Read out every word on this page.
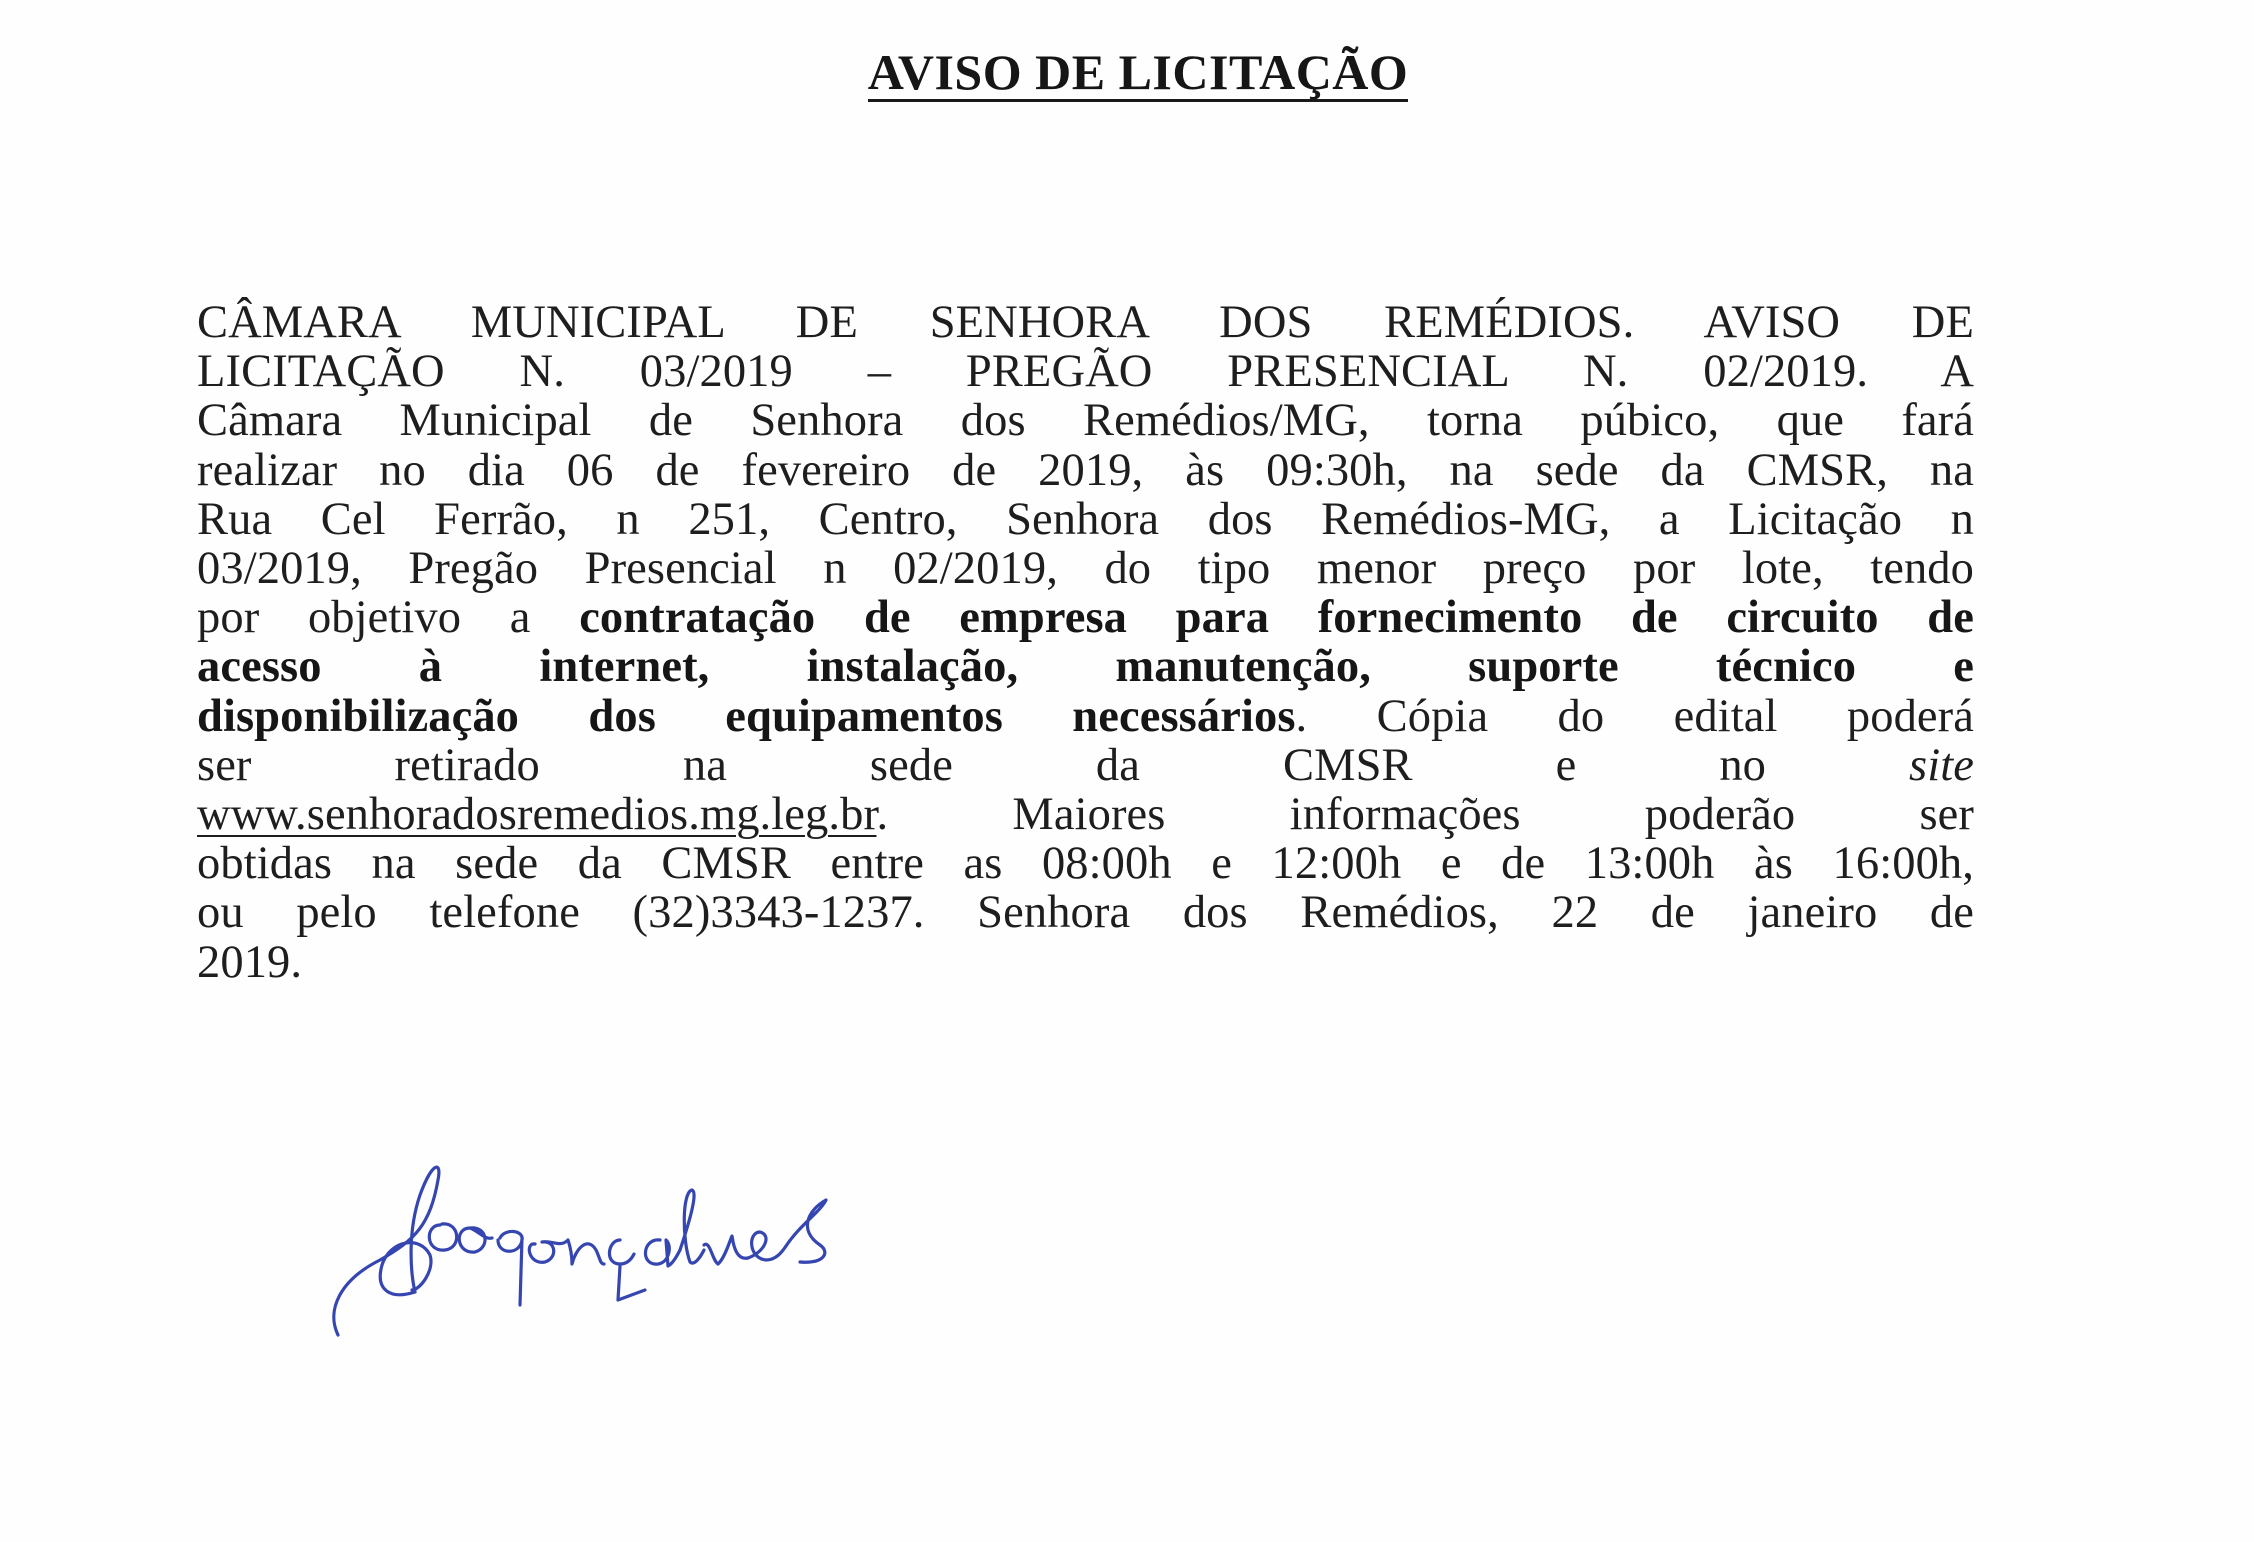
AVISO DE LICITAÇÃO
CÂMARA MUNICIPAL DE SENHORA DOS REMÉDIOS. AVISO DE
LICITAÇÃO N. 03/2019 – PREGÃO PRESENCIAL N. 02/2019. A
Câmara Municipal de Senhora dos Remédios/MG, torna púbico, que fará
realizar no dia 06 de fevereiro de 2019, às 09:30h, na sede da CMSR, na
Rua Cel Ferrão, n 251, Centro, Senhora dos Remédios-MG, a Licitação n
03/2019, Pregão Presencial n 02/2019, do tipo menor preço por lote, tendo
por objetivo a contratação de empresa para fornecimento de circuito de
acesso à internet, instalação, manutenção, suporte técnico e
disponibilização dos equipamentos necessários. Cópia do edital poderá
ser retirado na sede da CMSR e no site
www.senhoradosremedios.mg.leg.br. Maiores informações poderão ser
obtidas na sede da CMSR entre as 08:00h e 12:00h e de 13:00h às 16:00h,
ou pelo telefone (32)3343-1237. Senhora dos Remédios, 22 de janeiro de
2019.
